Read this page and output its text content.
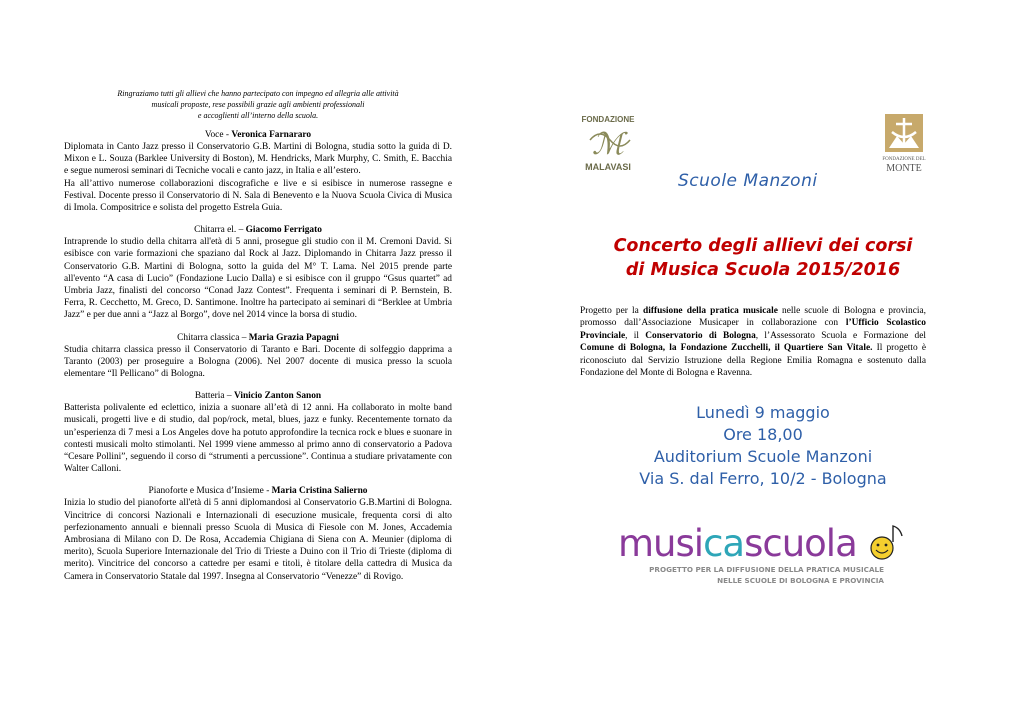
Ringraziamo tutti gli allievi che hanno partecipato con impegno ed allegria alle attività
musicali proposte, rese possibili grazie agli ambienti professionali
e accoglienti all’interno della scuola.

Voce - Veronica Farnararo

Diplomata in Canto Jazz presso il Conservatorio G.B. Martini di Bologna, studia sotto la guida di D. Mixon e L. Souza (Barklee University di Boston), M. Hendricks, Mark Murphy, C. Smith, E. Bacchia e segue numerosi seminari di Tecniche vocali e canto jazz, in Italia e all’estero.
Ha all’attivo numerose collaborazioni discografiche e live e si esibisce in numerose rassegne e Festival. Docente presso il Conservatorio di N. Sala di Benevento e la Nuova Scuola Civica di Musica di Imola. Compositrice e solista del progetto Estrela Guia.

Chitarra el. – Giacomo Ferrigato

Intraprende lo studio della chitarra all'età di 5 anni, prosegue gli studio con il M. Cremoni David. Si esibisce con varie formazioni che spaziano dal Rock al Jazz. Diplomando in Chitarra Jazz presso il Conservatorio G.B. Martini di Bologna, sotto la guida del M° T. Lama. Nel 2015 prende parte all'evento “A casa di Lucio” (Fondazione Lucio Dalla) e si esibisce con il gruppo “Gsus quartet” ad Umbria Jazz, finalisti del concorso “Conad Jazz Contest”. Frequenta i seminari di P. Bernstein, B. Ferra, R. Cecchetto, M. Greco, D. Santimone. Inoltre ha partecipato ai seminari di “Berklee at Umbria Jazz” e per due anni a “Jazz al Borgo”, dove nel 2014 vince la borsa di studio.

Chitarra classica – Maria Grazia Papagni

Studia chitarra classica presso il Conservatorio di Taranto e Bari. Docente di solfeggio dapprima a Taranto (2003) per proseguire a Bologna (2006). Nel 2007 docente di musica presso la scuola elementare “Il Pellicano” di Bologna.

Batteria – Vinicio Zanton Sanon

Batterista polivalente ed eclettico, inizia a suonare all’età di 12 anni. Ha collaborato in molte band musicali, progetti live e di studio, dal pop/rock, metal, blues, jazz e funky. Recentemente tornato da un’esperienza di 7 mesi a Los Angeles dove ha potuto approfondire la tecnica rock e blues e suonare in contesti musicali molto stimolanti. Nel 1999 viene ammesso al primo anno di conservatorio a Padova “Cesare Pollini”, seguendo il corso di “strumenti a percussione”. Continua a studiare privatamente con Walter Calloni.

Pianoforte e Musica d’Insieme - Maria Cristina Salierno

Inizia lo studio del pianoforte all'età di 5 anni diplomandosi al Conservatorio G.B.Martini di Bologna. Vincitrice di concorsi Nazionali e Internazionali di esecuzione musicale, frequenta corsi di alto perfezionamento annuali e biennali presso Scuola di Musica di Fiesole con M. Jones, Accademia Ambrosiana di Milano con D. De Rosa, Accademia Chigiana di Siena con A. Meunier (diploma di merito), Scuola Superiore Internazionale del Trio di Trieste a Duino con il Trio di Trieste (diploma di merito). Vincitrice del concorso a cattedre per esami e titoli, è titolare della cattedra di Musica da Camera in Conservatorio Statale dal 1997. Insegna al Conservatorio “Venezze” di Rovigo.

FONDAZIONE
ℳ
MALAVASI
FONDAZIONE DEL
MONTE

Scuole Manzoni

Concerto degli allievi dei corsi
di Musica Scuola 2015/2016

Progetto per la diffusione della pratica musicale nelle scuole di Bologna e provincia, promosso dall’Associazione Musicaper in collaborazione con l’Ufficio Scolastico Provinciale, il Conservatorio di Bologna, l’Assessorato Scuola e Formazione del Comune di Bologna, la Fondazione Zucchelli, il Quartiere San Vitale. Il progetto è riconosciuto dal Servizio Istruzione della Regione Emilia Romagna e sostenuto dalla Fondazione del Monte di Bologna e Ravenna.

Lunedì 9 maggio
Ore 18,00
Auditorium Scuole Manzoni
Via S. dal Ferro, 10/2 - Bologna
musicascuola
PROGETTO PER LA DIFFUSIONE DELLA PRATICA MUSICALE
NELLE SCUOLE DI BOLOGNA E PROVINCIA
